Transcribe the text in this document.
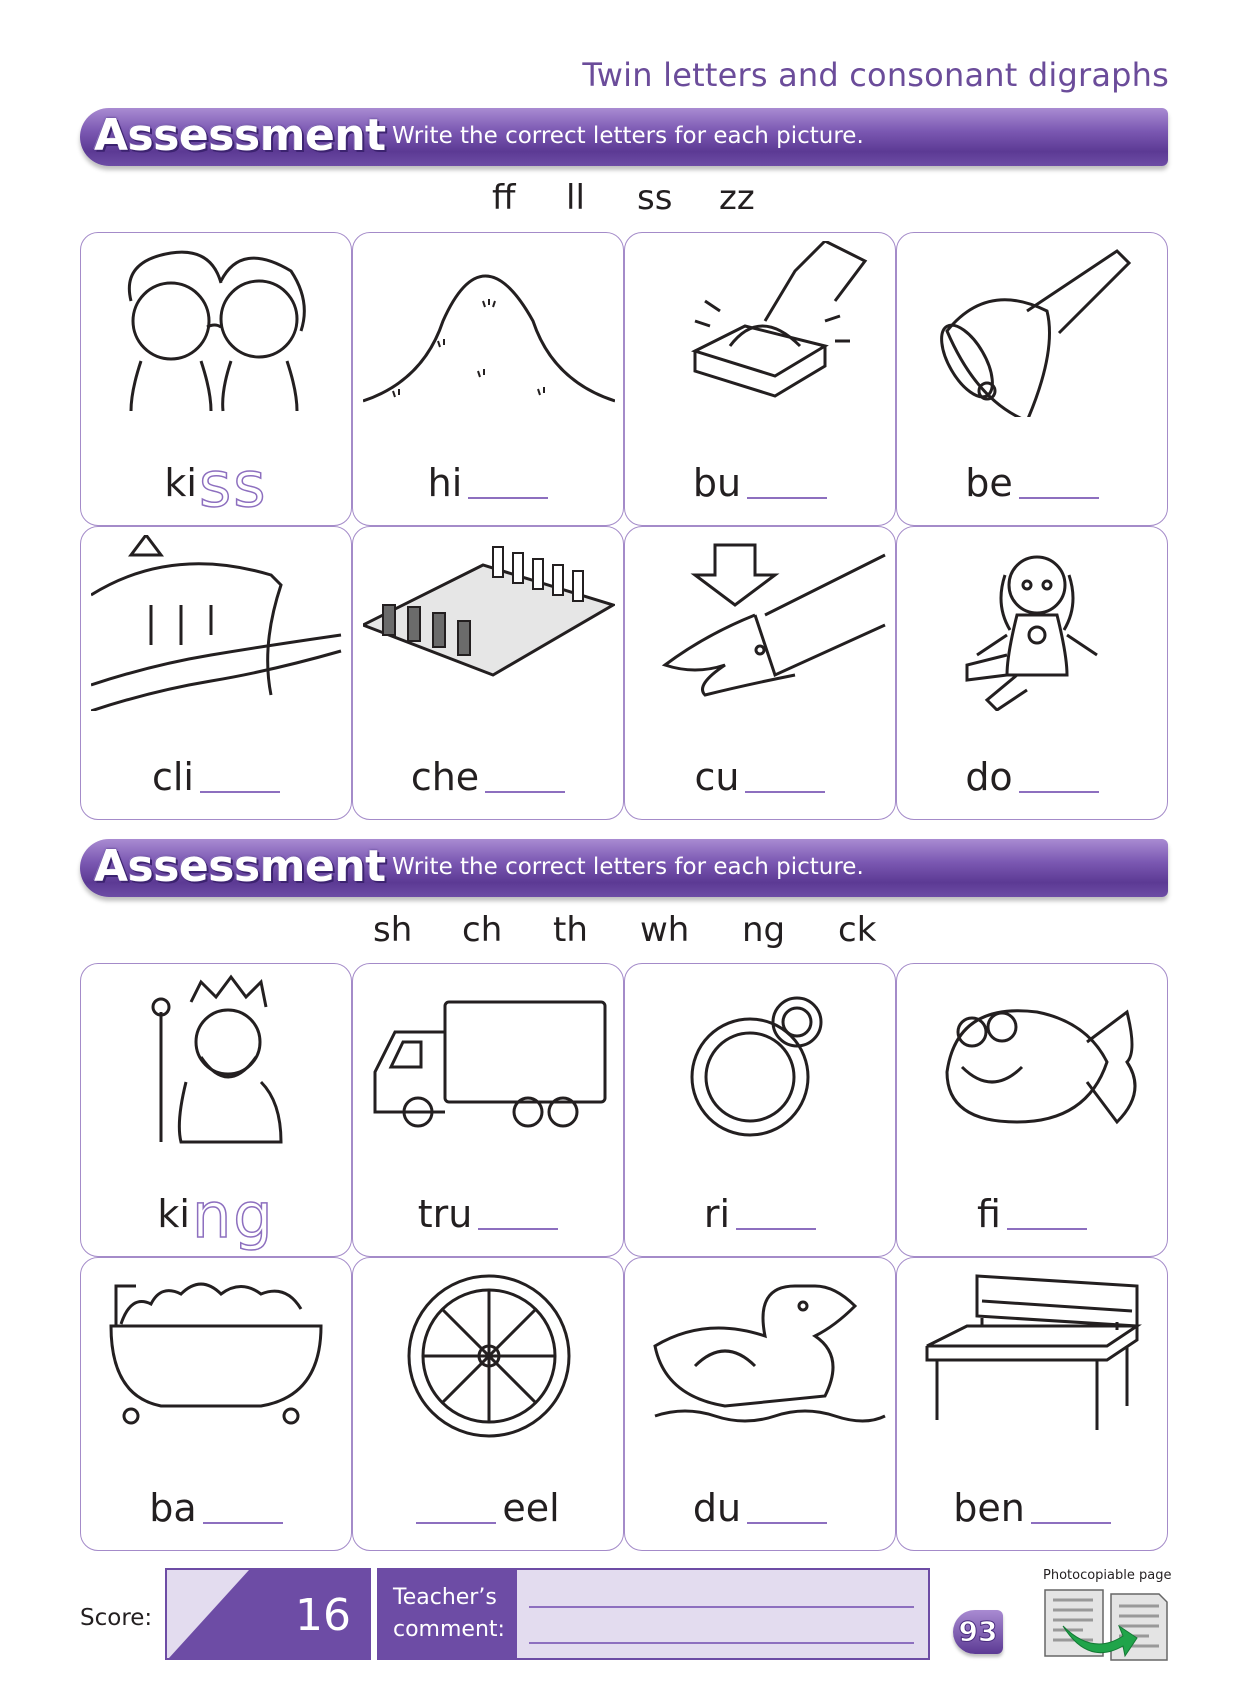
Twin letters and consonant digraphs
Assessment Write the correct letters for each picture.
ff ll ss zz
ki ss	hi	bu	be
cli	che	cu	do
Assessment Write the correct letters for each picture.
sh ch th wh ng ck
ki ng	tru	ri	fi
ba	eel	du	ben
Score:	16 Teacher’s
comment:	93
Photocopiable page
